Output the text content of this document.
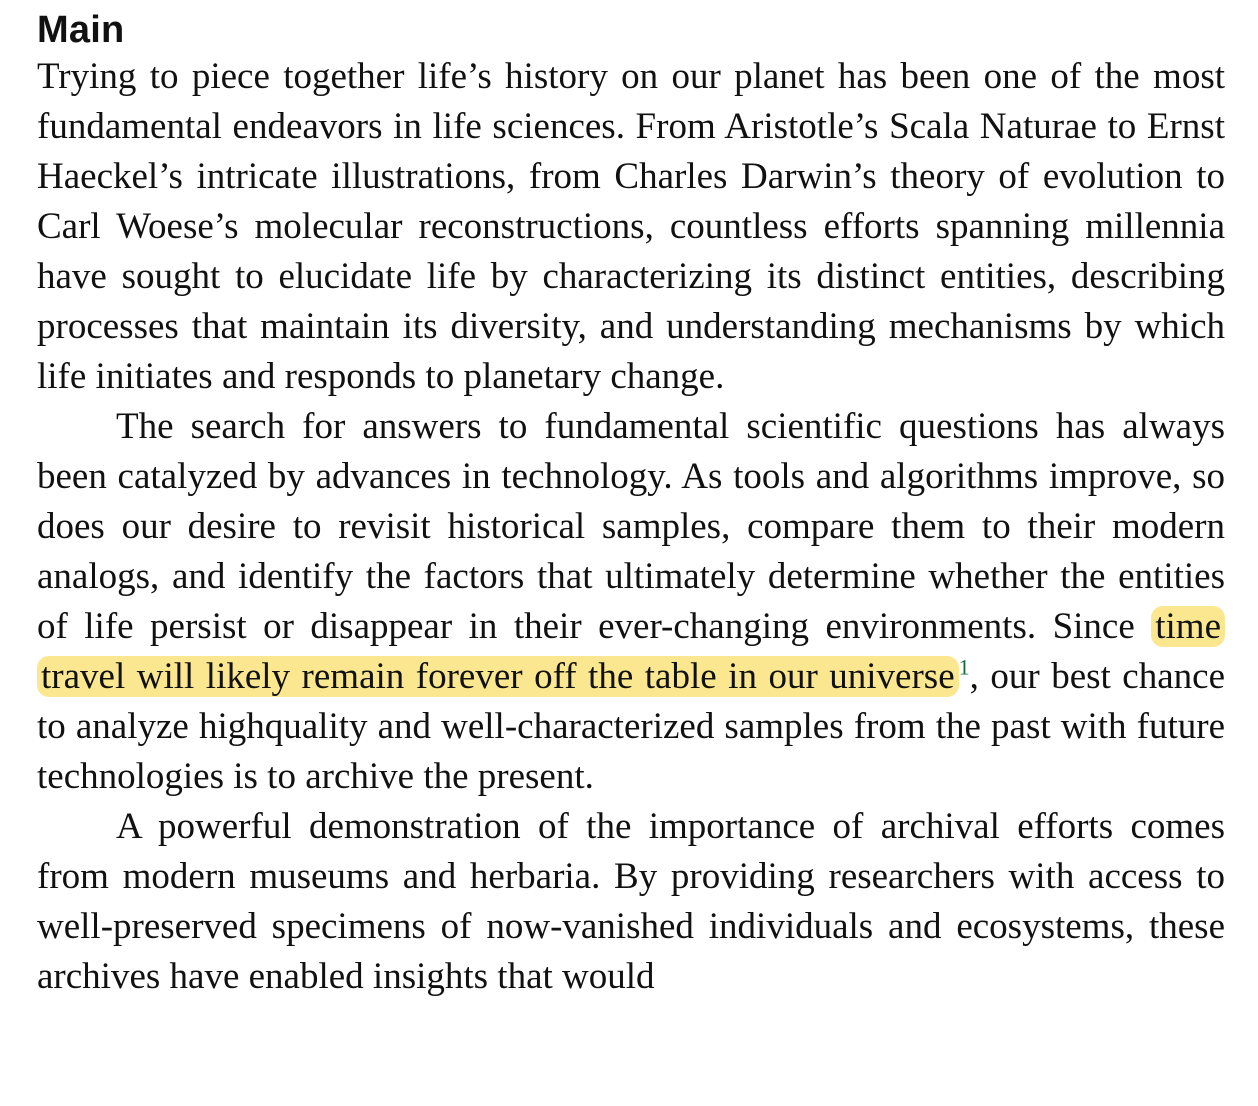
Main

Trying to piece together life’s history on our planet has been one of the most fundamental endeavors in life sciences. From Aristotle’s Scala Naturae to Ernst Haeckel’s intricate illustrations, from Charles Darwin’s theory of evolution to Carl Woese’s molecular reconstructions, countless efforts spanning millennia have sought to elucidate life by characterizing its distinct entities, describing processes that maintain its diversity, and understanding mechanisms by which life initiates and responds to planetary change.

The search for answers to fundamental scientific questions has always been catalyzed by advances in technology. As tools and algorithms improve, so does our desire to revisit historical samples, compare them to their modern analogs, and identify the factors that ultimately determine whether the entities of life persist or disappear in their ever-changing environments. Since time travel will likely remain forever off the table in our universe $^1$, our best chance to analyze highquality and well-characterized samples from the past with future technologies is to archive the present.

A powerful demonstration of the importance of archival efforts comes from modern museums and herbaria. By providing researchers with access to well-preserved specimens of now-vanished individuals and ecosystems, these archives have enabled insights that would
